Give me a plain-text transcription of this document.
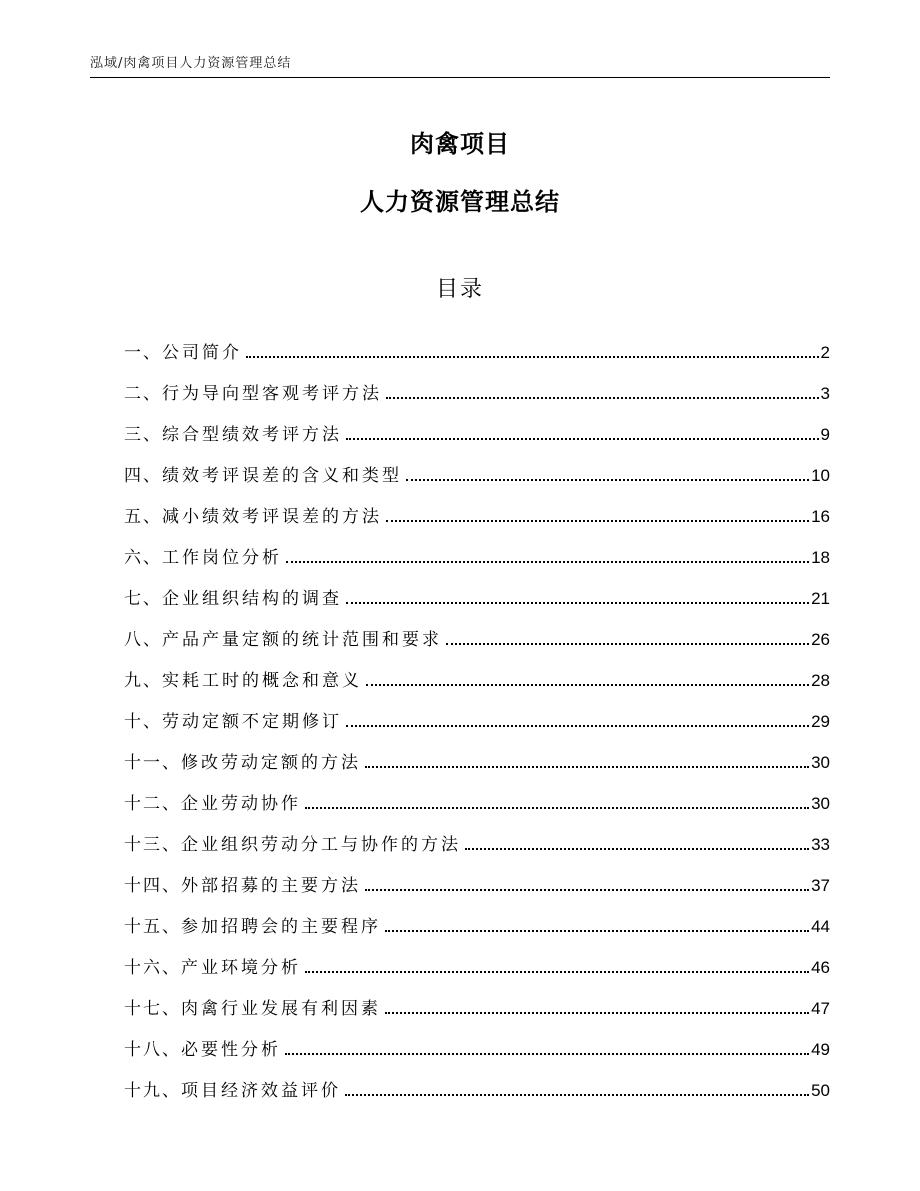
泓域/肉禽项目人力资源管理总结
肉禽项目
人力资源管理总结
目录
一、 公司简介	2
二、 行为导向型客观考评方法	3
三、 综合型绩效考评方法	9
四、 绩效考评误差的含义和类型	10
五、 减小绩效考评误差的方法	16
六、 工作岗位分析	18
七、 企业组织结构的调查	21
八、 产品产量定额的统计范围和要求	26
九、 实耗工时的概念和意义	28
十、 劳动定额不定期修订	29
十一、 修改劳动定额的方法	30
十二、 企业劳动协作	30
十三、 企业组织劳动分工与协作的方法	33
十四、 外部招募的主要方法	37
十五、 参加招聘会的主要程序	44
十六、 产业环境分析	46
十七、 肉禽行业发展有利因素	47
十八、 必要性分析	49
十九、 项目经济效益评价	50
